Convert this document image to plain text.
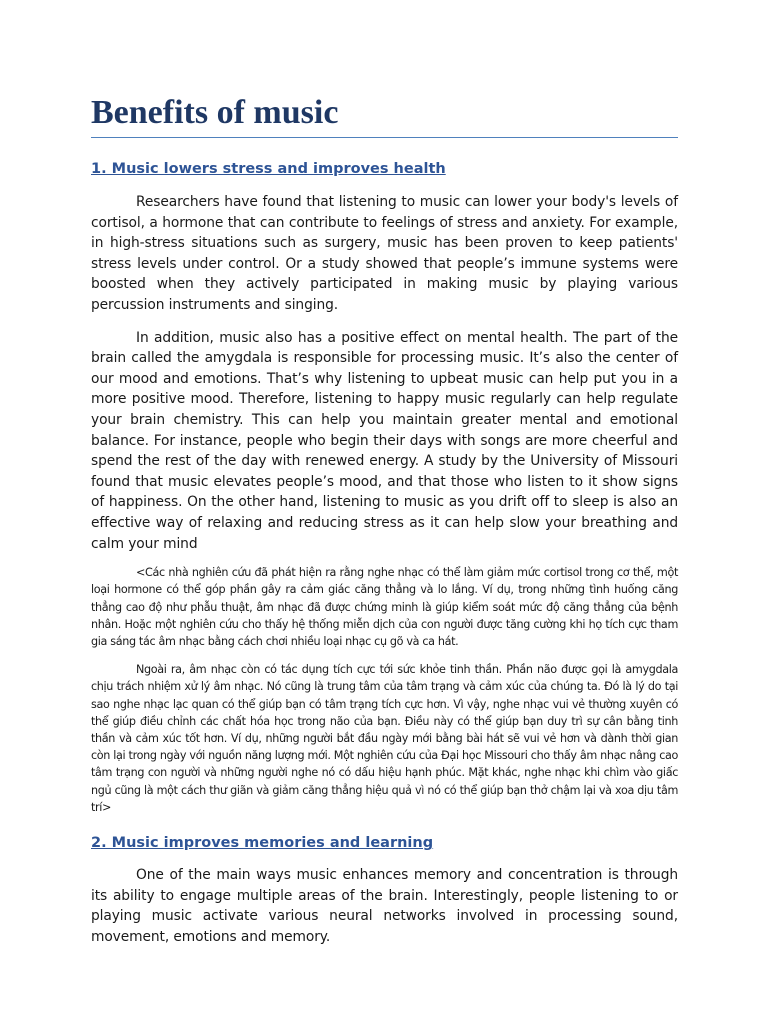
Benefits of music
1. Music lowers stress and improves health

Researchers have found that listening to music can lower your body's levels of cortisol, a hormone that can contribute to feelings of stress and anxiety. For example, in high-stress situations such as surgery, music has been proven to keep patients' stress levels under control. Or a study showed that people’s immune systems were boosted when they actively participated in making music by playing various percussion instruments and singing.

In addition, music also has a positive effect on mental health. The part of the brain called the amygdala is responsible for processing music. It’s also the center of our mood and emotions. That’s why listening to upbeat music can help put you in a more positive mood. Therefore, listening to happy music regularly can help regulate your brain chemistry. This can help you maintain greater mental and emotional balance. For instance, people who begin their days with songs are more cheerful and spend the rest of the day with renewed energy. A study by the University of Missouri found that music elevates people’s mood, and that those who listen to it show signs of happiness. On the other hand, listening to music as you drift off to sleep is also an effective way of relaxing and reducing stress as it can help slow your breathing and calm your mind

<Các nhà nghiên cứu đã phát hiện ra rằng nghe nhạc có thể làm giảm mức cortisol trong cơ thể, một loại hormone có thể góp phần gây ra cảm giác căng thẳng và lo lắng. Ví dụ, trong những tình huống căng thẳng cao độ như phẫu thuật, âm nhạc đã được chứng minh là giúp kiểm soát mức độ căng thẳng của bệnh nhân. Hoặc một nghiên cứu cho thấy hệ thống miễn dịch của con người được tăng cường khi họ tích cực tham gia sáng tác âm nhạc bằng cách chơi nhiều loại nhạc cụ gõ và ca hát.

Ngoài ra, âm nhạc còn có tác dụng tích cực tới sức khỏe tinh thần. Phần não được gọi là amygdala chịu trách nhiệm xử lý âm nhạc. Nó cũng là trung tâm của tâm trạng và cảm xúc của chúng ta. Đó là lý do tại sao nghe nhạc lạc quan có thể giúp bạn có tâm trạng tích cực hơn. Vì vậy, nghe nhạc vui vẻ thường xuyên có thể giúp điều chỉnh các chất hóa học trong não của bạn. Điều này có thể giúp bạn duy trì sự cân bằng tinh thần và cảm xúc tốt hơn. Ví dụ, những người bắt đầu ngày mới bằng bài hát sẽ vui vẻ hơn và dành thời gian còn lại trong ngày với nguồn năng lượng mới. Một nghiên cứu của Đại học Missouri cho thấy âm nhạc nâng cao tâm trạng con người và những người nghe nó có dấu hiệu hạnh phúc. Mặt khác, nghe nhạc khi chìm vào giấc ngủ cũng là một cách thư giãn và giảm căng thẳng hiệu quả vì nó có thể giúp bạn thở chậm lại và xoa dịu tâm trí>

2. Music improves memories and learning

One of the main ways music enhances memory and concentration is through its ability to engage multiple areas of the brain. Interestingly, people listening to or playing music activate various neural networks involved in processing sound, movement, emotions and memory.
